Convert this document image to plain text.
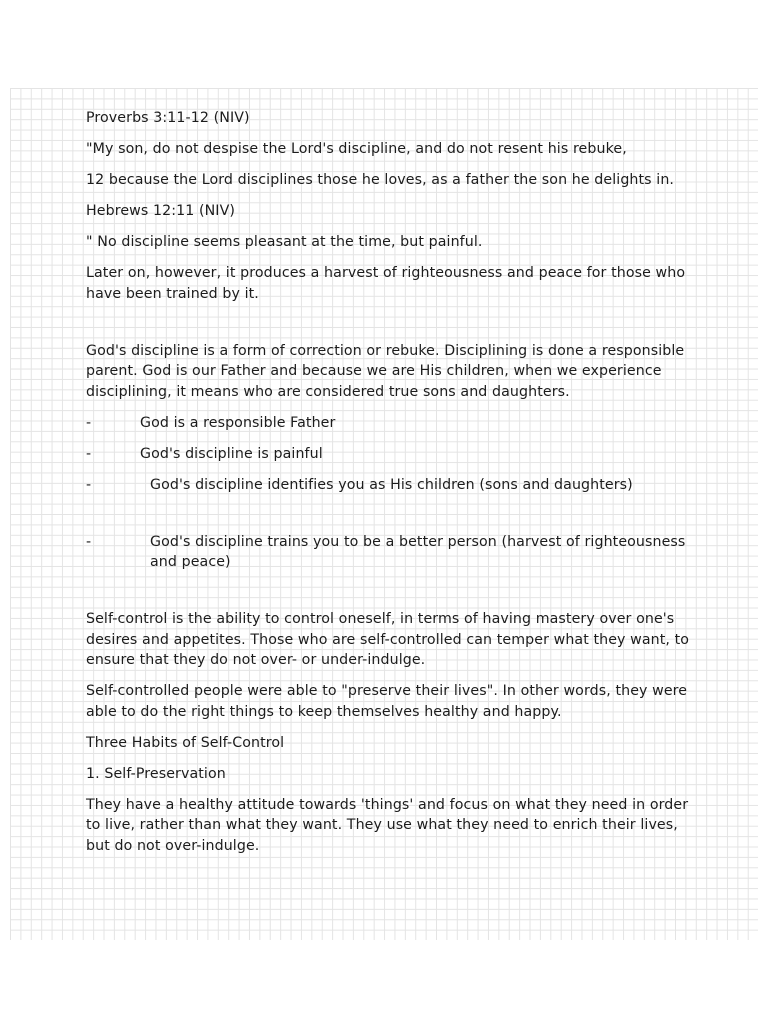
Proverbs 3:11-12 (NIV)

"My son, do not despise the Lord's discipline, and do not resent his rebuke,

12 because the Lord disciplines those he loves, as a father the son he delights in.

Hebrews 12:11 (NIV)

" No discipline seems pleasant at the time, but painful.

Later on, however, it produces a harvest of righteousness and peace for those who have been trained by it.

God's discipline is a form of correction or rebuke. Disciplining is done a responsible parent. God is our Father and because we are His children, when we experience disciplining, it means who are considered true sons and daughters.

-	God is a responsible Father
-	God's discipline is painful
-	God's discipline identifies you as His children (sons and daughters)
-	God's discipline trains you to be a better person (harvest of righteousness and peace)

Self-control is the ability to control oneself, in terms of having mastery over one's desires and appetites. Those who are self-controlled can temper what they want, to ensure that they do not over- or under-indulge.

Self-controlled people were able to "preserve their lives". In other words, they were able to do the right things to keep themselves healthy and happy.

Three Habits of Self-Control

1. Self-Preservation

They have a healthy attitude towards 'things' and focus on what they need in order to live, rather than what they want. They use what they need to enrich their lives, but do not over-indulge.
